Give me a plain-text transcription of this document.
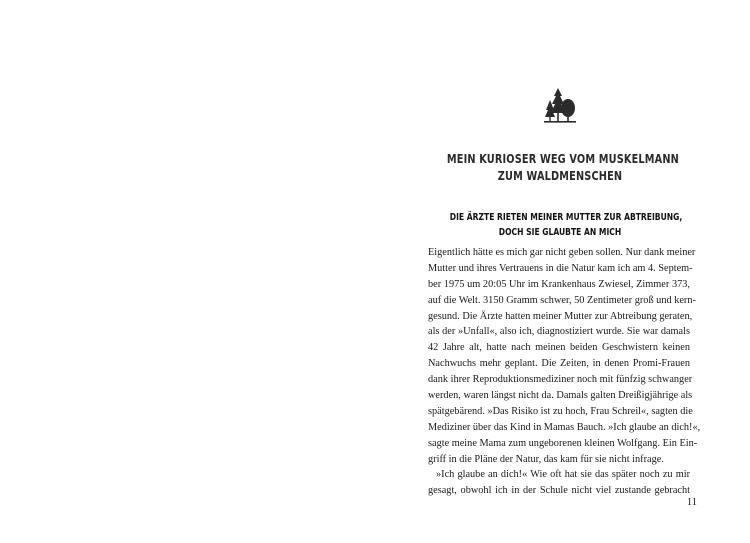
MEIN KURIOSER WEG VOM MUSKELMANN
ZUM WALDMENSCHEN
DIE ÄRZTE RIETEN MEINER MUTTER ZUR ABTREIBUNG,
DOCH SIE GLAUBTE AN MICH
Eigentlich hätte es mich gar nicht geben sollen. Nur dank meiner
Mutter und ihres Vertrauens in die Natur kam ich am 4. Septem-
ber 1975 um 20:05 Uhr im Krankenhaus Zwiesel, Zimmer 373,
auf die Welt. 3150 Gramm schwer, 50 Zentimeter groß und kern-
gesund. Die Ärzte hatten meiner Mutter zur Abtreibung geraten,
als der »Unfall«, also ich, diagnostiziert wurde. Sie war damals
42 Jahre alt, hatte nach meinen beiden Geschwistern keinen
Nachwuchs mehr geplant. Die Zeiten, in denen Promi-Frauen
dank ihrer Reproduktionsmediziner noch mit fünfzig schwanger
werden, waren längst nicht da. Damals galten Dreißigjährige als
spätgebärend. »Das Risiko ist zu hoch, Frau Schreil«, sagten die
Mediziner über das Kind in Mamas Bauch. »Ich glaube an dich!«,
sagte meine Mama zum ungeborenen kleinen Wolfgang. Ein Ein-
griff in die Pläne der Natur, das kam für sie nicht infrage.
»Ich glaube an dich!« Wie oft hat sie das später noch zu mir
gesagt, obwohl ich in der Schule nicht viel zustande gebracht
11
